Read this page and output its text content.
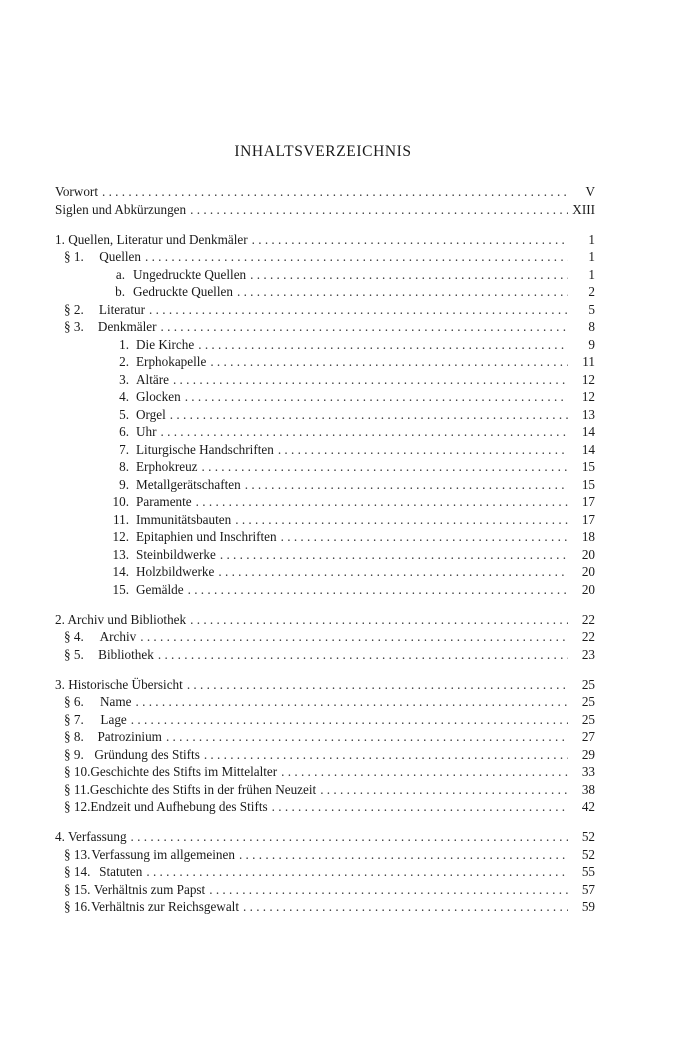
INHALTSVERZEICHNIS
Vorwort . . .	V
Siglen und Abkürzungen . . .	XIII
1. Quellen, Literatur und Denkmäler . . .	1
§ 1.	Quellen . . .	1
a. Ungedruckte Quellen . . .	1
b. Gedruckte Quellen . . .	2
§ 2.	Literatur . . .	5
§ 3.	Denkmäler . . .	8
1. Die Kirche . . .	9
2. Erphokapelle . . .	11
3. Altäre . . .	12
4. Glocken . . .	12
5. Orgel . . .	13
6. Uhr . . .	14
7. Liturgische Handschriften . . .	14
8. Erphokreuz . . .	15
9. Metallgerätschaften . . .	15
10. Paramente . . .	17
11. Immunitätsbauten . . .	17
12. Epitaphien und Inschriften . . .	18
13. Steinbildwerke . . .	20
14. Holzbildwerke . . .	20
15. Gemälde . . .	20
2. Archiv und Bibliothek . . .	22
§ 4.	Archiv . . .	22
§ 5.	Bibliothek . . .	23
3. Historische Übersicht . . .	25
§ 6.	Name . . .	25
§ 7.	Lage . . .	25
§ 8.	Patrozinium . . .	27
§ 9. Gründung des Stifts . . .	29
§ 10. Geschichte des Stifts im Mittelalter . . .	33
§ 11. Geschichte des Stifts in der frühen Neuzeit . . .	38
§ 12. Endzeit und Aufhebung des Stifts . . .	42
4. Verfassung . . .	52
§ 13. Verfassung im allgemeinen . . .	52
§ 14. Statuten . . .	55
§ 15. Verhältnis zum Papst . . .	57
§ 16. Verhältnis zur Reichsgewalt . . .	59
